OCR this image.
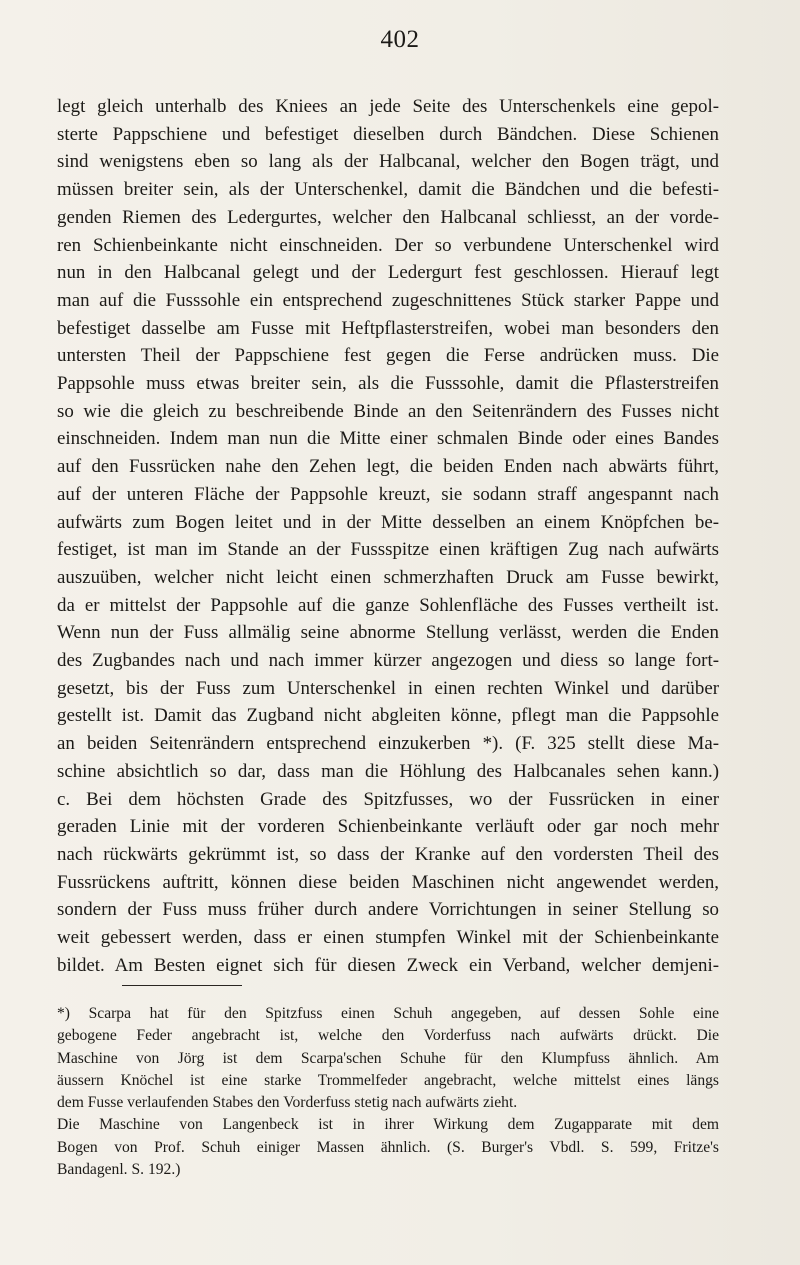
402
legt gleich unterhalb des Kniees an jede Seite des Unterschenkels eine gepol-
sterte Pappschiene und befestiget dieselben durch Bändchen. Diese Schienen
sind wenigstens eben so lang als der Halbcanal, welcher den Bogen trägt, und
müssen breiter sein, als der Unterschenkel, damit die Bändchen und die befesti-
genden Riemen des Ledergurtes, welcher den Halbcanal schliesst, an der vorde-
ren Schienbeinkante nicht einschneiden. Der so verbundene Unterschenkel wird
nun in den Halbcanal gelegt und der Ledergurt fest geschlossen. Hierauf legt
man auf die Fusssohle ein entsprechend zugeschnittenes Stück starker Pappe und
befestiget dasselbe am Fusse mit Heftpflasterstreifen, wobei man besonders den
untersten Theil der Pappschiene fest gegen die Ferse andrücken muss. Die
Pappsohle muss etwas breiter sein, als die Fusssohle, damit die Pflasterstreifen
so wie die gleich zu beschreibende Binde an den Seitenrändern des Fusses nicht
einschneiden. Indem man nun die Mitte einer schmalen Binde oder eines Bandes
auf den Fussrücken nahe den Zehen legt, die beiden Enden nach abwärts führt,
auf der unteren Fläche der Pappsohle kreuzt, sie sodann straff angespannt nach
aufwärts zum Bogen leitet und in der Mitte desselben an einem Knöpfchen be-
festiget, ist man im Stande an der Fussspitze einen kräftigen Zug nach aufwärts
auszuüben, welcher nicht leicht einen schmerzhaften Druck am Fusse bewirkt,
da er mittelst der Pappsohle auf die ganze Sohlenfläche des Fusses vertheilt ist.
Wenn nun der Fuss allmälig seine abnorme Stellung verlässt, werden die Enden
des Zugbandes nach und nach immer kürzer angezogen und diess so lange fort-
gesetzt, bis der Fuss zum Unterschenkel in einen rechten Winkel und darüber
gestellt ist. Damit das Zugband nicht abgleiten könne, pflegt man die Pappsohle
an beiden Seitenrändern entsprechend einzukerben *). (F. 325 stellt diese Ma-
schine absichtlich so dar, dass man die Höhlung des Halbcanales sehen kann.)
c. Bei dem höchsten Grade des Spitzfusses, wo der Fussrücken in einer
geraden Linie mit der vorderen Schienbeinkante verläuft oder gar noch mehr
nach rückwärts gekrümmt ist, so dass der Kranke auf den vordersten Theil des
Fussrückens auftritt, können diese beiden Maschinen nicht angewendet werden,
sondern der Fuss muss früher durch andere Vorrichtungen in seiner Stellung so
weit gebessert werden, dass er einen stumpfen Winkel mit der Schienbeinkante
bildet. Am Besten eignet sich für diesen Zweck ein Verband, welcher demjeni-
*) Scarpa hat für den Spitzfuss einen Schuh angegeben, auf dessen Sohle eine
gebogene Feder angebracht ist, welche den Vorderfuss nach aufwärts drückt. Die
Maschine von Jörg ist dem Scarpa'schen Schuhe für den Klumpfuss ähnlich. Am
äussern Knöchel ist eine starke Trommelfeder angebracht, welche mittelst eines längs
dem Fusse verlaufenden Stabes den Vorderfuss stetig nach aufwärts zieht.
Die Maschine von Langenbeck ist in ihrer Wirkung dem Zugapparate mit dem
Bogen von Prof. Schuh einiger Massen ähnlich. (S. Burger's Vbdl. S. 599, Fritze's
Bandagenl. S. 192.)
